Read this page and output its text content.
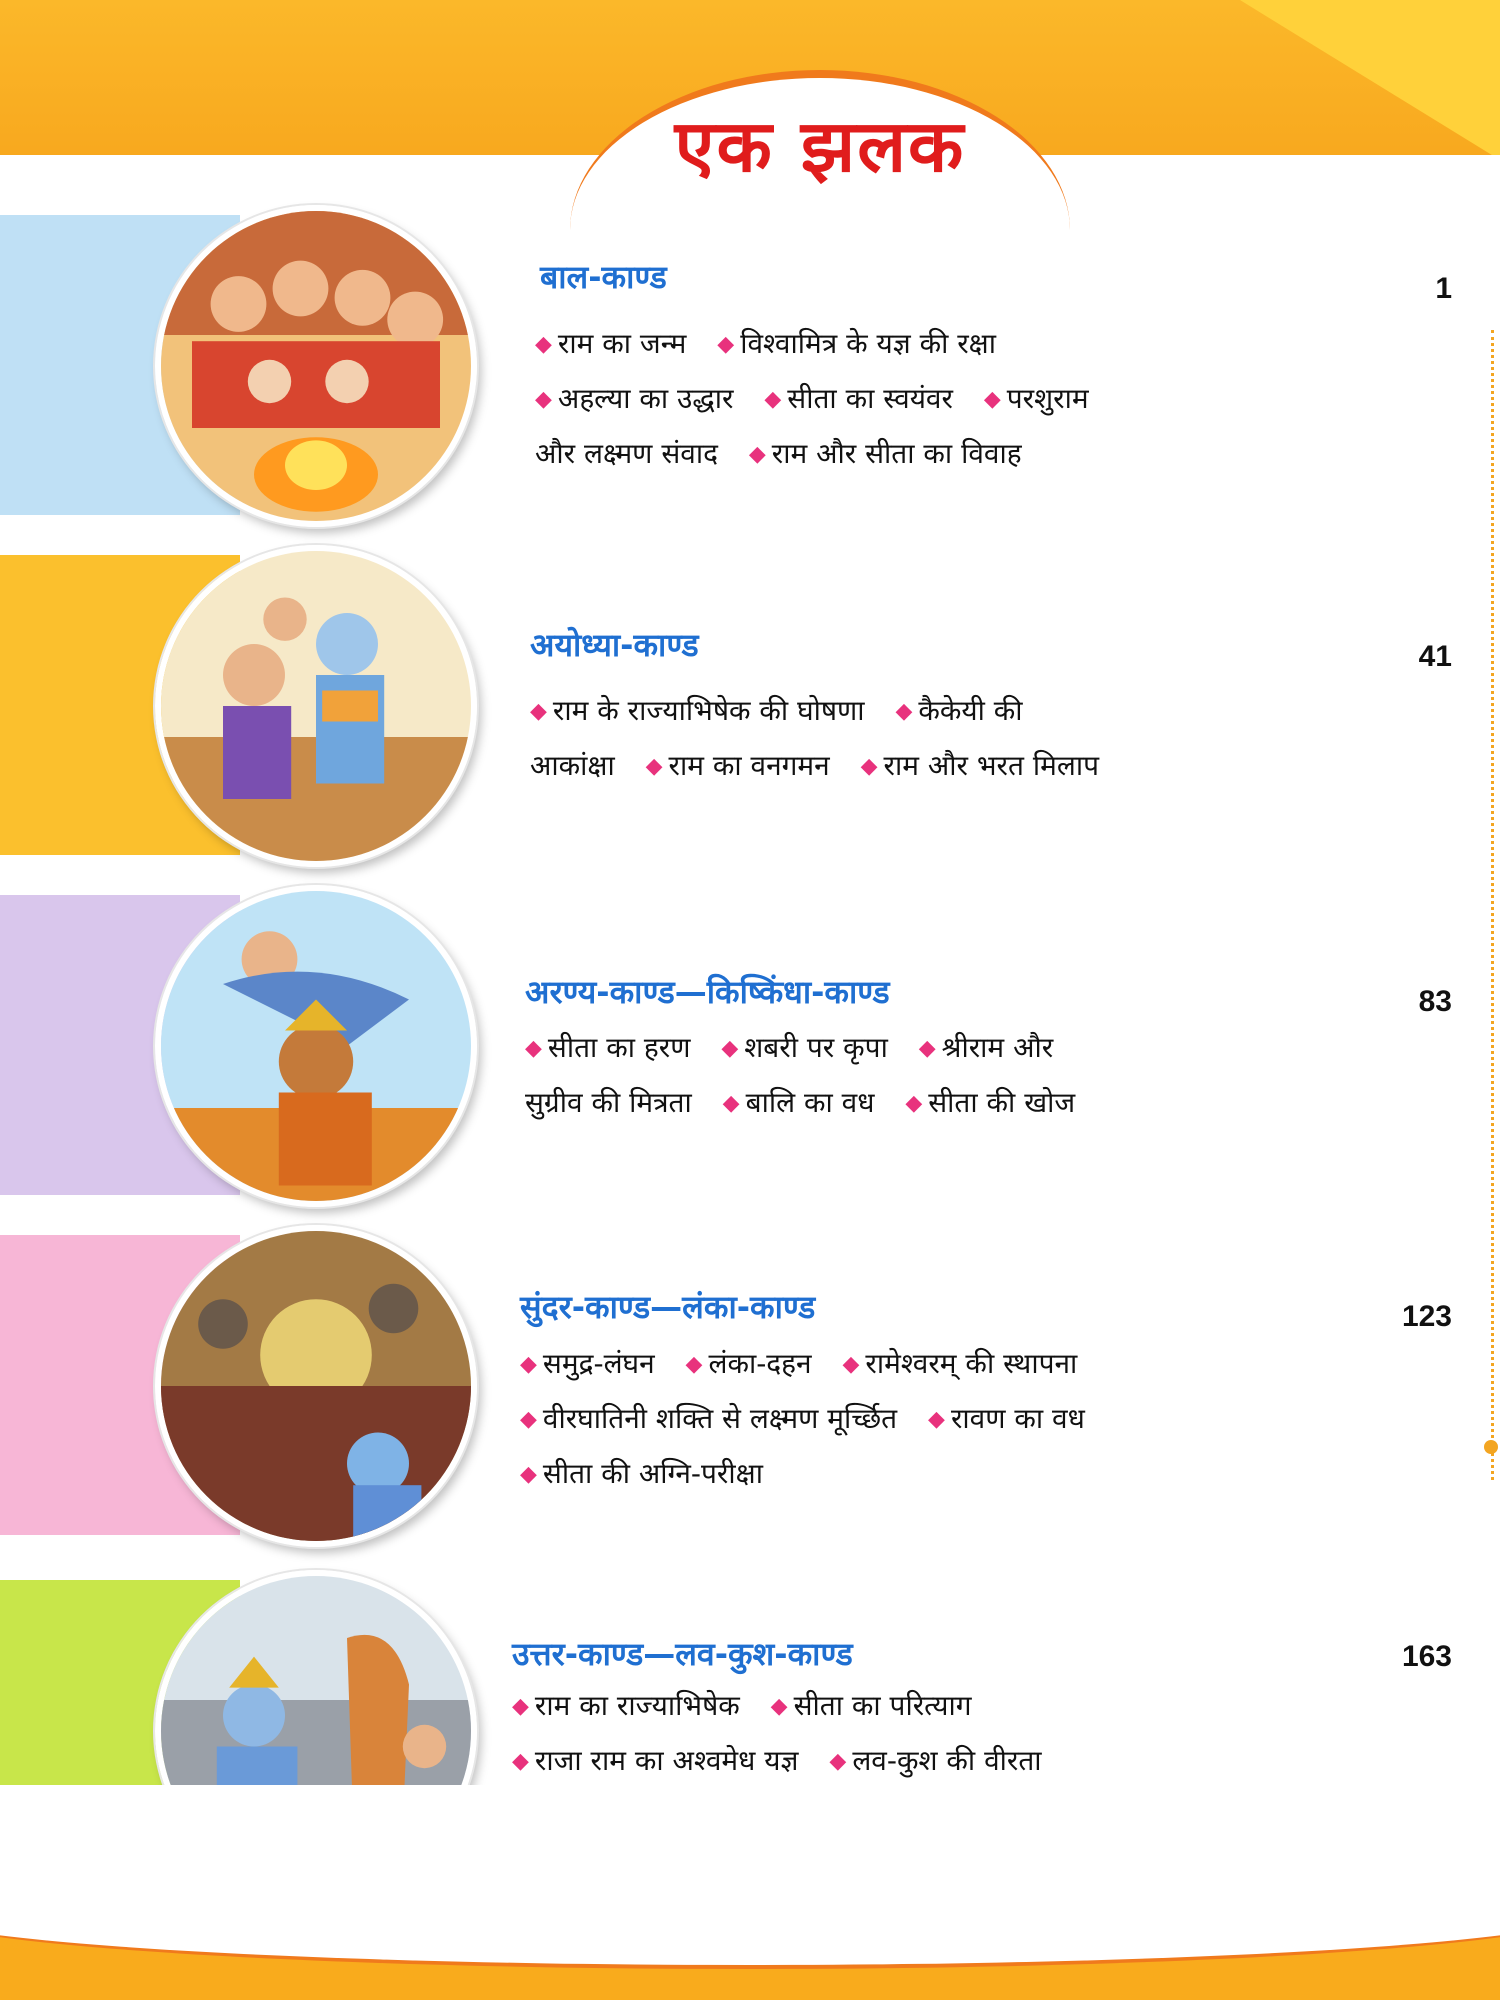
एक झलक
बाल-काण्ड	1
◆ राम का जन्म ◆ विश्वामित्र के यज्ञ की रक्षा
◆ अहल्या का उद्धार ◆ सीता का स्वयंवर ◆ परशुराम
और लक्ष्मण संवाद ◆ राम और सीता का विवाह
अयोध्या-काण्ड	41
◆ राम के राज्याभिषेक की घोषणा ◆ कैकेयी की
आकांक्षा ◆ राम का वनगमन ◆ राम और भरत मिलाप
अरण्य-काण्ड—किष्किंधा-काण्ड	83
◆ सीता का हरण ◆ शबरी पर कृपा ◆ श्रीराम और
सुग्रीव की मित्रता ◆ बालि का वध ◆ सीता की खोज
सुंदर-काण्ड—लंका-काण्ड	123
◆ समुद्र-लंघन ◆ लंका-दहन ◆ रामेश्वरम् की स्थापना
◆ वीरघातिनी शक्ति से लक्ष्मण मूर्च्छित ◆ रावण का वध
◆ सीता की अग्नि-परीक्षा
उत्तर-काण्ड—लव-कुश-काण्ड	163
◆ राम का राज्याभिषेक ◆ सीता का परित्याग
◆ राजा राम का अश्वमेध यज्ञ ◆ लव-कुश की वीरता
